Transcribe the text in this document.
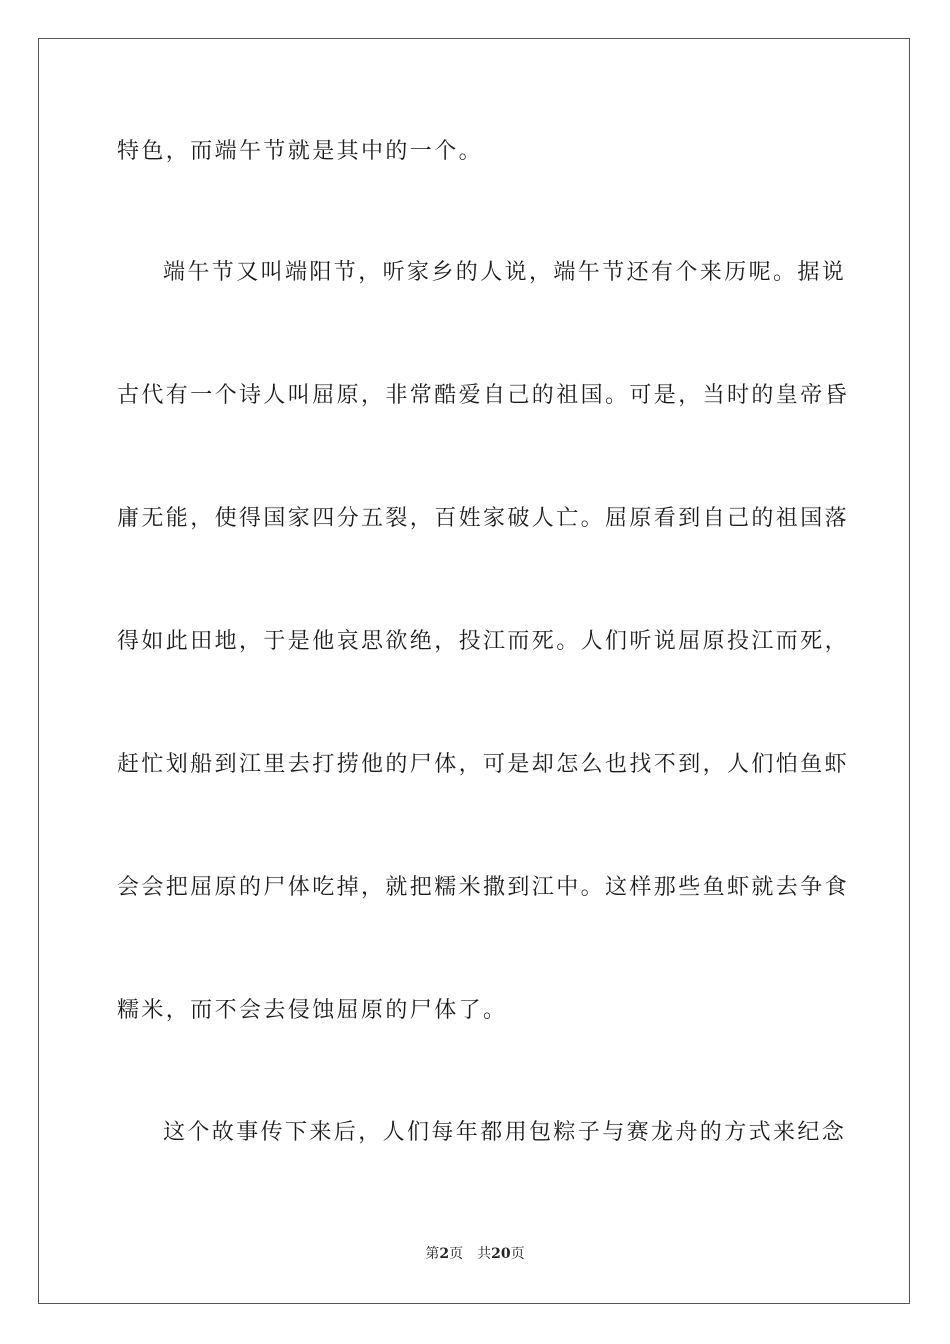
特色，而端午节就是其中的一个。
端午节又叫端阳节，听家乡的人说，端午节还有个来历呢。据说
古代有一个诗人叫屈原，非常酷爱自己的祖国。可是，当时的皇帝昏
庸无能，使得国家四分五裂，百姓家破人亡。屈原看到自己的祖国落
得如此田地，于是他哀思欲绝，投江而死。人们听说屈原投江而死，
赶忙划船到江里去打捞他的尸体，可是却怎么也找不到，人们怕鱼虾
会会把屈原的尸体吃掉，就把糯米撒到江中。这样那些鱼虾就去争食
糯米，而不会去侵蚀屈原的尸体了。
这个故事传下来后，人们每年都用包粽子与赛龙舟的方式来纪念
第2页 共20页
